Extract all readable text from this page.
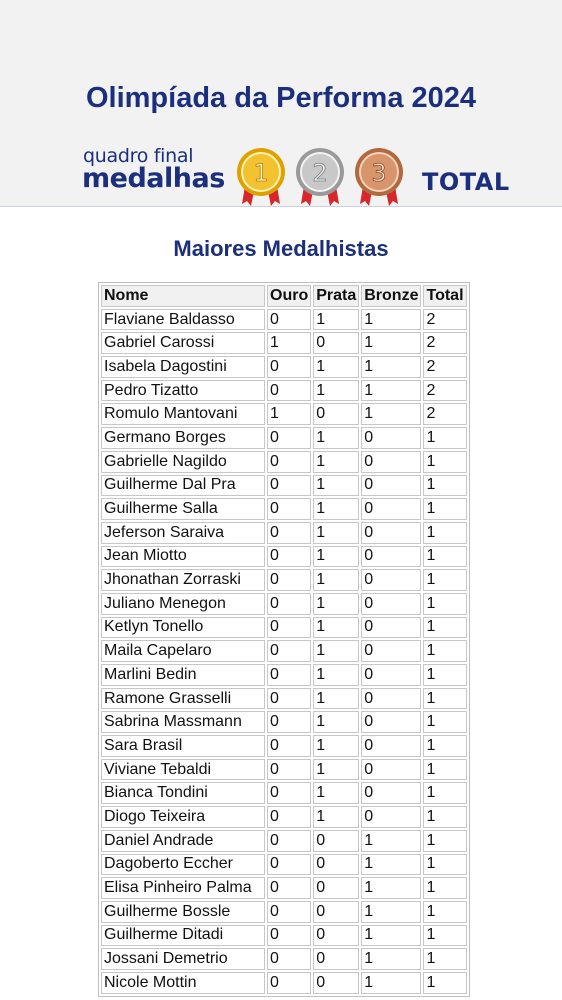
Olimpíada da Performa 2024
quadro final
medalhas 1 2 3 TOTAL
Maiores Medalhistas
Nome	Ouro	Prata	Bronze	Total
Flaviane Baldasso	0	1	1	2
Gabriel Carossi	1	0	1	2
Isabela Dagostini	0	1	1	2
Pedro Tizatto	0	1	1	2
Romulo Mantovani	1	0	1	2
Germano Borges	0	1	0	1
Gabrielle Nagildo	0	1	0	1
Guilherme Dal Pra	0	1	0	1
Guilherme Salla	0	1	0	1
Jeferson Saraiva	0	1	0	1
Jean Miotto	0	1	0	1
Jhonathan Zorraski	0	1	0	1
Juliano Menegon	0	1	0	1
Ketlyn Tonello	0	1	0	1
Maila Capelaro	0	1	0	1
Marlini Bedin	0	1	0	1
Ramone Grasselli	0	1	0	1
Sabrina Massmann	0	1	0	1
Sara Brasil	0	1	0	1
Viviane Tebaldi	0	1	0	1
Bianca Tondini	0	1	0	1
Diogo Teixeira	0	1	0	1
Daniel Andrade	0	0	1	1
Dagoberto Eccher	0	0	1	1
Elisa Pinheiro Palma	0	0	1	1
Guilherme Bossle	0	0	1	1
Guilherme Ditadi	0	0	1	1
Jossani Demetrio	0	0	1	1
Nicole Mottin	0	0	1	1
